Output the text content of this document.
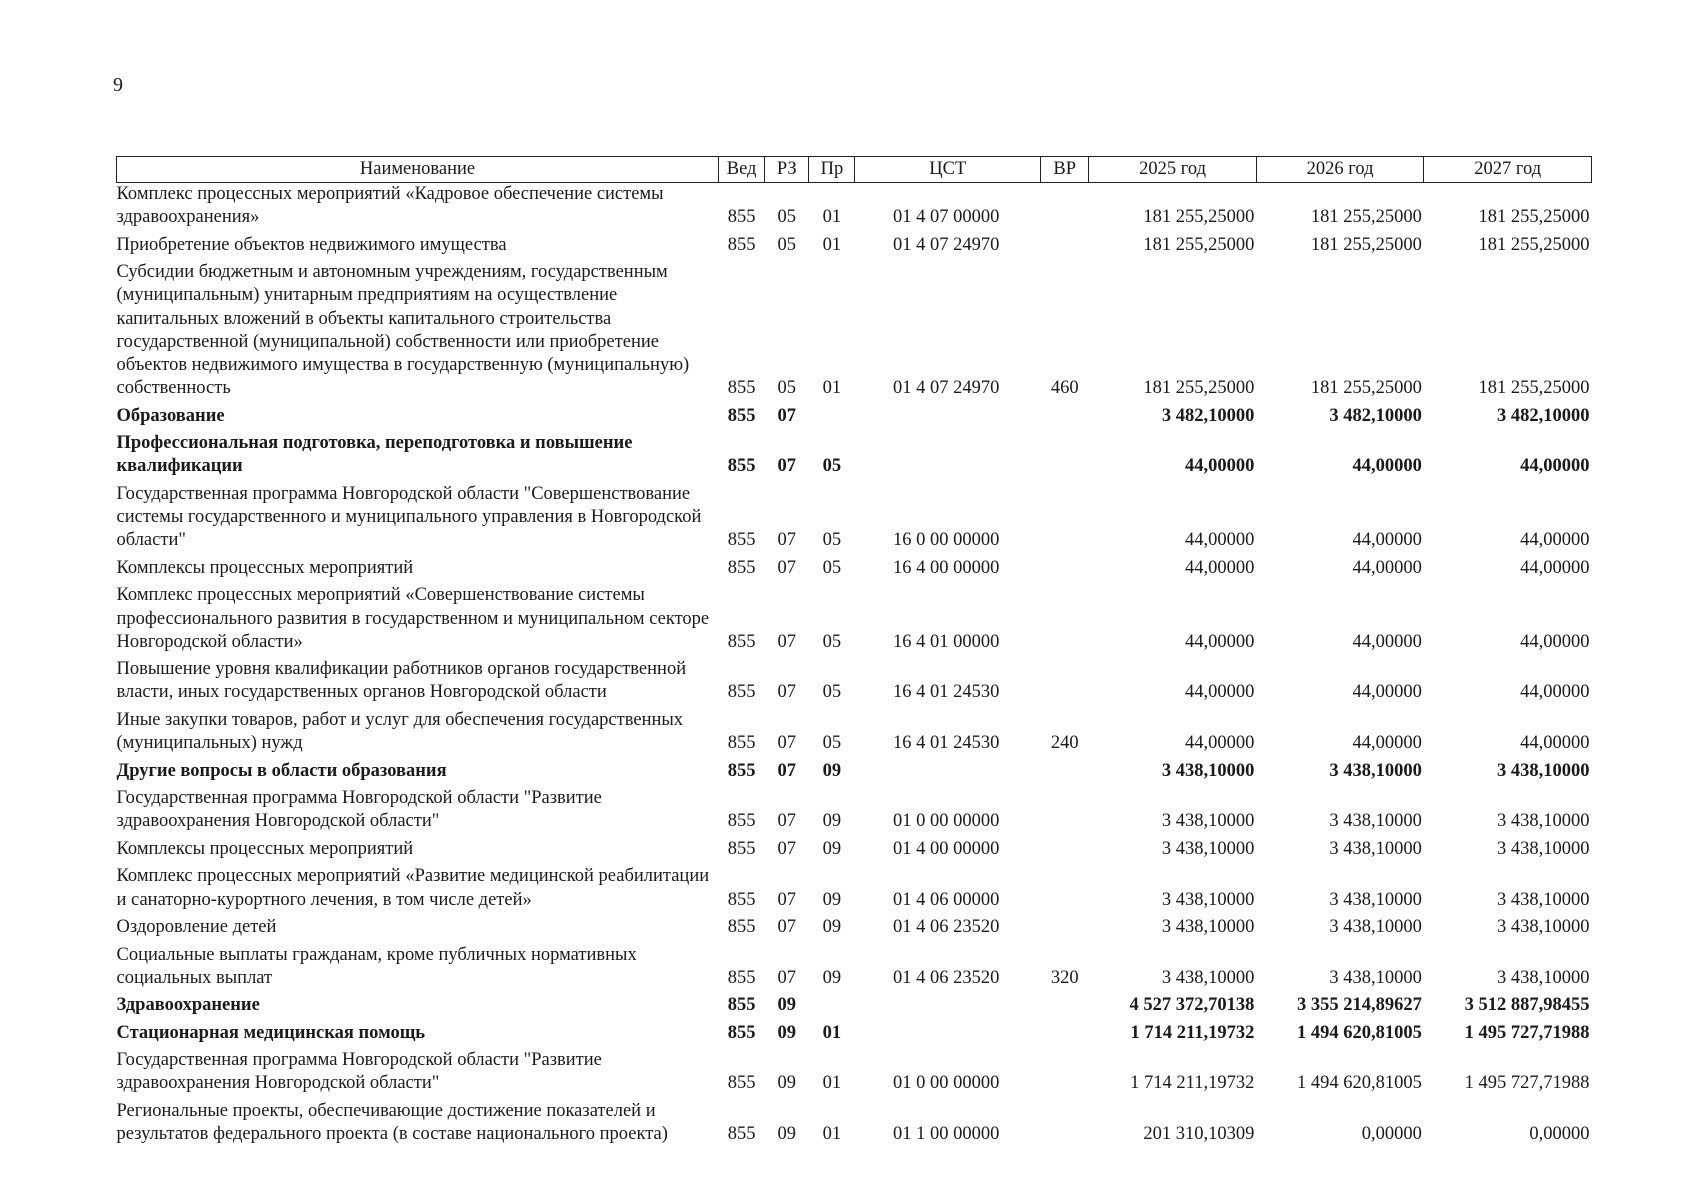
9
Наименование	Вед	РЗ	Пр	ЦСТ	ВР	2025 год	2026 год	2027 год
Комплекс процессных мероприятий «Кадровое обеспечение системы здравоохранения»	855	05	01	01 4 07 00000		181 255,25000	181 255,25000	181 255,25000
Приобретение объектов недвижимого имущества	855	05	01	01 4 07 24970		181 255,25000	181 255,25000	181 255,25000
Субсидии бюджетным и автономным учреждениям, государственным (муниципальным) унитарным предприятиям на осуществление капитальных вложений в объекты капитального строительства государственной (муниципальной) собственности или приобретение объектов недвижимого имущества в государственную (муниципальную) собственность	855	05	01	01 4 07 24970	460	181 255,25000	181 255,25000	181 255,25000
Образование	855	07				3 482,10000	3 482,10000	3 482,10000
Профессиональная подготовка, переподготовка и повышение квалификации	855	07	05			44,00000	44,00000	44,00000
Государственная программа Новгородской области "Совершенствование системы государственного и муниципального управления в Новгородской области"	855	07	05	16 0 00 00000		44,00000	44,00000	44,00000
Комплексы процессных мероприятий	855	07	05	16 4 00 00000		44,00000	44,00000	44,00000
Комплекс процессных мероприятий «Совершенствование системы профессионального развития в государственном и муниципальном секторе Новгородской области»	855	07	05	16 4 01 00000		44,00000	44,00000	44,00000
Повышение уровня квалификации работников органов государственной власти, иных государственных органов Новгородской области	855	07	05	16 4 01 24530		44,00000	44,00000	44,00000
Иные закупки товаров, работ и услуг для обеспечения государственных (муниципальных) нужд	855	07	05	16 4 01 24530	240	44,00000	44,00000	44,00000
Другие вопросы в области образования	855	07	09			3 438,10000	3 438,10000	3 438,10000
Государственная программа Новгородской области "Развитие здравоохранения Новгородской области"	855	07	09	01 0 00 00000		3 438,10000	3 438,10000	3 438,10000
Комплексы процессных мероприятий	855	07	09	01 4 00 00000		3 438,10000	3 438,10000	3 438,10000
Комплекс процессных мероприятий «Развитие медицинской реабилитации и санаторно-курортного лечения, в том числе детей»	855	07	09	01 4 06 00000		3 438,10000	3 438,10000	3 438,10000
Оздоровление детей	855	07	09	01 4 06 23520		3 438,10000	3 438,10000	3 438,10000
Социальные выплаты гражданам, кроме публичных нормативных социальных выплат	855	07	09	01 4 06 23520	320	3 438,10000	3 438,10000	3 438,10000
Здравоохранение	855	09				4 527 372,70138	3 355 214,89627	3 512 887,98455
Стационарная медицинская помощь	855	09	01			1 714 211,19732	1 494 620,81005	1 495 727,71988
Государственная программа Новгородской области "Развитие здравоохранения Новгородской области"	855	09	01	01 0 00 00000		1 714 211,19732	1 494 620,81005	1 495 727,71988
Региональные проекты, обеспечивающие достижение показателей и результатов федерального проекта (в составе национального проекта)	855	09	01	01 1 00 00000		201 310,10309	0,00000	0,00000
